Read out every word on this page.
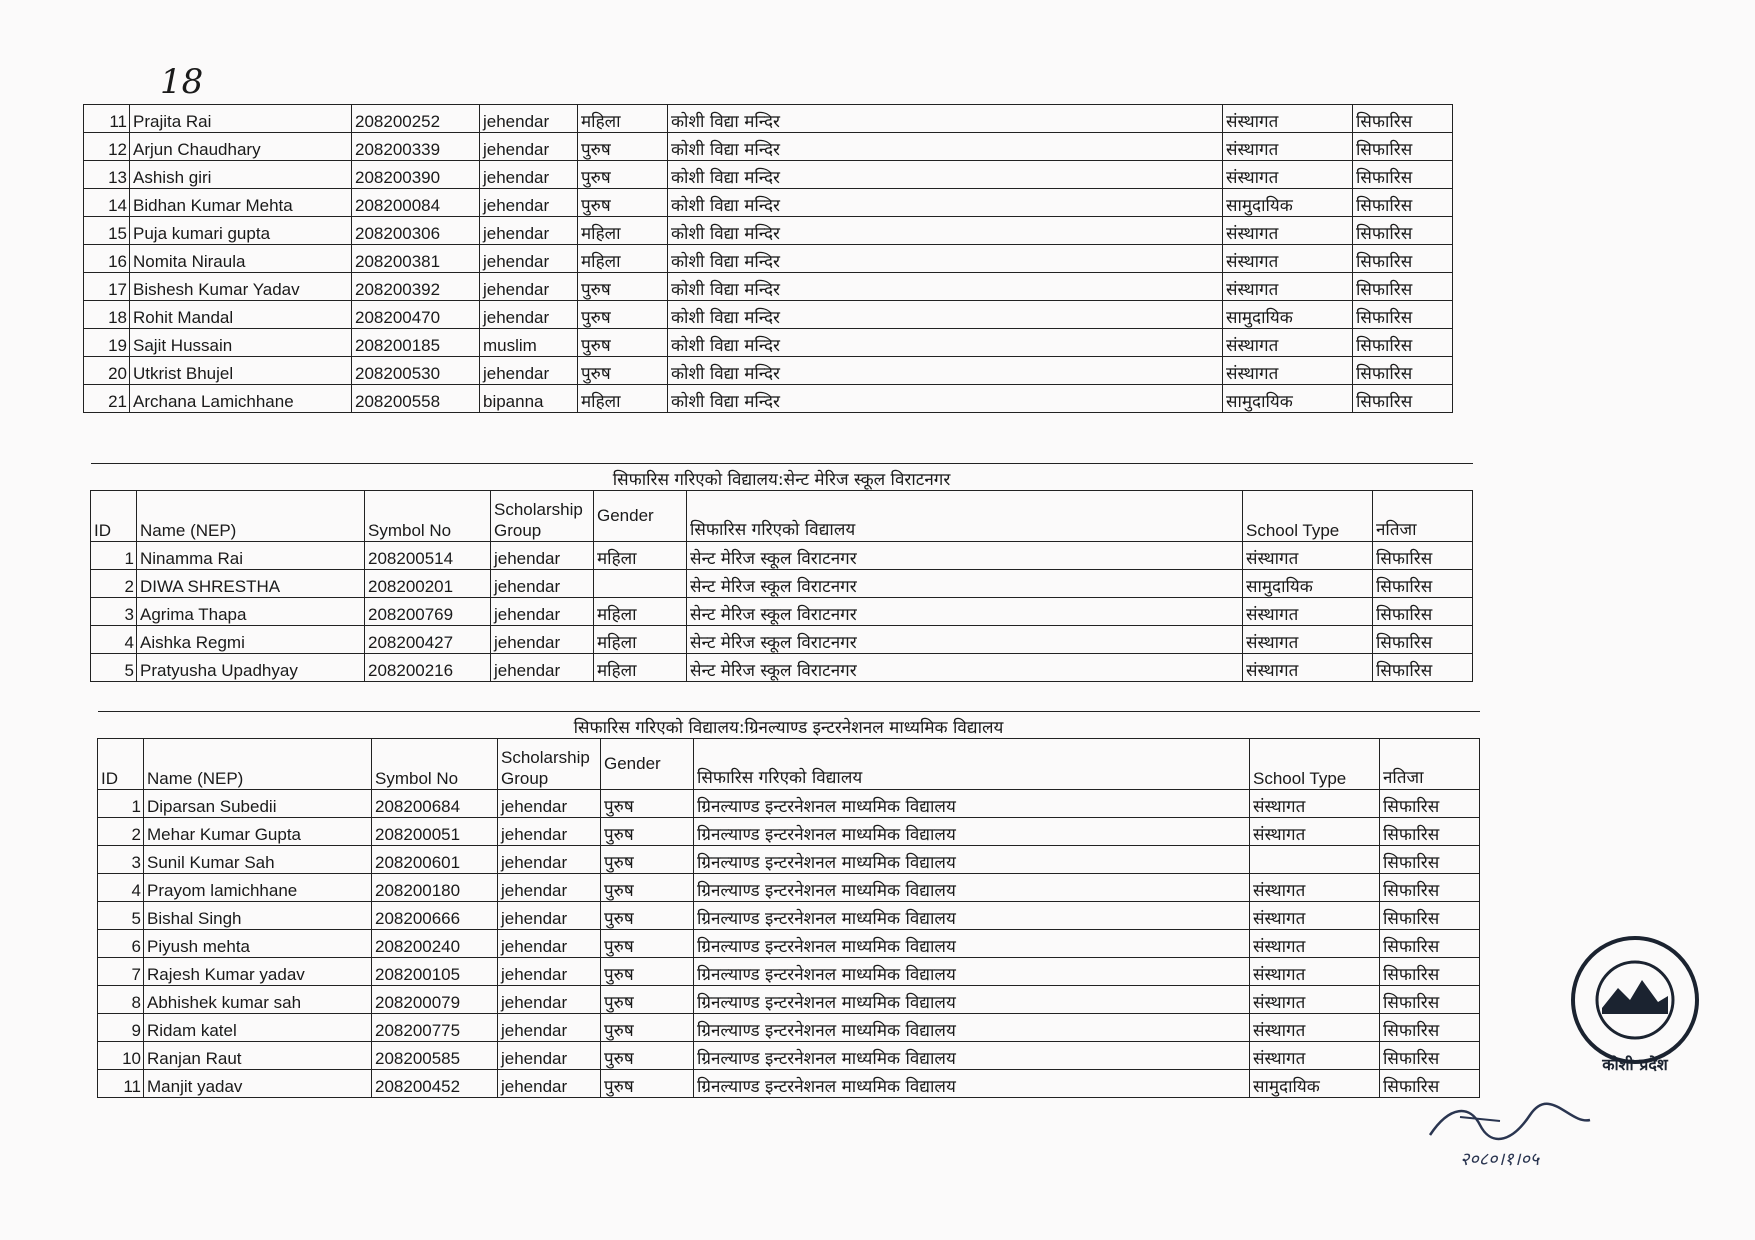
18
11	Prajita Rai	208200252	jehendar	महिला	कोशी विद्या मन्दिर	संस्थागत	सिफारिस
12	Arjun Chaudhary	208200339	jehendar	पुरुष	कोशी विद्या मन्दिर	संस्थागत	सिफारिस
13	Ashish giri	208200390	jehendar	पुरुष	कोशी विद्या मन्दिर	संस्थागत	सिफारिस
14	Bidhan Kumar Mehta	208200084	jehendar	पुरुष	कोशी विद्या मन्दिर	सामुदायिक	सिफारिस
15	Puja kumari gupta	208200306	jehendar	महिला	कोशी विद्या मन्दिर	संस्थागत	सिफारिस
16	Nomita Niraula	208200381	jehendar	महिला	कोशी विद्या मन्दिर	संस्थागत	सिफारिस
17	Bishesh Kumar Yadav	208200392	jehendar	पुरुष	कोशी विद्या मन्दिर	संस्थागत	सिफारिस
18	Rohit Mandal	208200470	jehendar	पुरुष	कोशी विद्या मन्दिर	सामुदायिक	सिफारिस
19	Sajit Hussain	208200185	muslim	पुरुष	कोशी विद्या मन्दिर	संस्थागत	सिफारिस
20	Utkrist Bhujel	208200530	jehendar	पुरुष	कोशी विद्या मन्दिर	संस्थागत	सिफारिस
21	Archana Lamichhane	208200558	bipanna	महिला	कोशी विद्या मन्दिर	सामुदायिक	सिफारिस
सिफारिस गरिएको विद्यालय:सेन्ट मेरिज स्कूल विराटनगर							
ID	Name (NEP)	Symbol No	Scholarship Group	Gender	सिफारिस गरिएको विद्यालय	School Type	नतिजा
1	Ninamma Rai	208200514	jehendar	महिला	सेन्ट मेरिज स्कूल विराटनगर	संस्थागत	सिफारिस
2	DIWA SHRESTHA	208200201	jehendar		सेन्ट मेरिज स्कूल विराटनगर	सामुदायिक	सिफारिस
3	Agrima Thapa	208200769	jehendar	महिला	सेन्ट मेरिज स्कूल विराटनगर	संस्थागत	सिफारिस
4	Aishka Regmi	208200427	jehendar	महिला	सेन्ट मेरिज स्कूल विराटनगर	संस्थागत	सिफारिस
5	Pratyusha Upadhyay	208200216	jehendar	महिला	सेन्ट मेरिज स्कूल विराटनगर	संस्थागत	सिफारिस
सिफारिस गरिएको विद्यालय:ग्रिनल्याण्ड इन्टरनेशनल माध्यमिक विद्यालय							
ID	Name (NEP)	Symbol No	Scholarship Group	Gender	सिफारिस गरिएको विद्यालय	School Type	नतिजा
1	Diparsan Subedii	208200684	jehendar	पुरुष	ग्रिनल्याण्ड इन्टरनेशनल माध्यमिक विद्यालय	संस्थागत	सिफारिस
2	Mehar Kumar Gupta	208200051	jehendar	पुरुष	ग्रिनल्याण्ड इन्टरनेशनल माध्यमिक विद्यालय	संस्थागत	सिफारिस
3	Sunil Kumar Sah	208200601	jehendar	पुरुष	ग्रिनल्याण्ड इन्टरनेशनल माध्यमिक विद्यालय		सिफारिस
4	Prayom lamichhane	208200180	jehendar	पुरुष	ग्रिनल्याण्ड इन्टरनेशनल माध्यमिक विद्यालय	संस्थागत	सिफारिस
5	Bishal Singh	208200666	jehendar	पुरुष	ग्रिनल्याण्ड इन्टरनेशनल माध्यमिक विद्यालय	संस्थागत	सिफारिस
6	Piyush mehta	208200240	jehendar	पुरुष	ग्रिनल्याण्ड इन्टरनेशनल माध्यमिक विद्यालय	संस्थागत	सिफारिस
7	Rajesh Kumar yadav	208200105	jehendar	पुरुष	ग्रिनल्याण्ड इन्टरनेशनल माध्यमिक विद्यालय	संस्थागत	सिफारिस
8	Abhishek kumar sah	208200079	jehendar	पुरुष	ग्रिनल्याण्ड इन्टरनेशनल माध्यमिक विद्यालय	संस्थागत	सिफारिस
9	Ridam katel	208200775	jehendar	पुरुष	ग्रिनल्याण्ड इन्टरनेशनल माध्यमिक विद्यालय	संस्थागत	सिफारिस
10	Ranjan Raut	208200585	jehendar	पुरुष	ग्रिनल्याण्ड इन्टरनेशनल माध्यमिक विद्यालय	संस्थागत	सिफारिस
11	Manjit yadav	208200452	jehendar	पुरुष	ग्रिनल्याण्ड इन्टरनेशनल माध्यमिक विद्यालय	सामुदायिक	सिफारिस
कोशी प्रदेश
२०८०।१।०५
